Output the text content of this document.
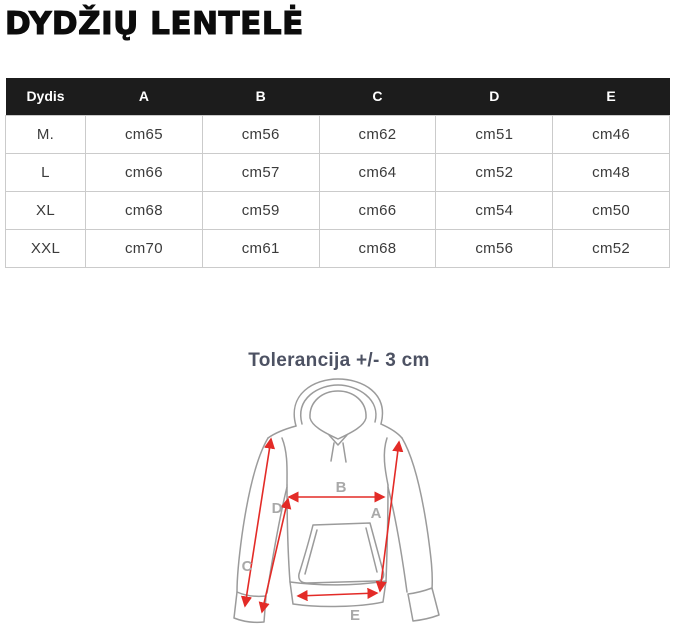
DYDŽIŲ LENTELĖ
Dydis	A	B	C	D	E
M.	cm65	cm56	cm62	cm51	cm46
L	cm66	cm57	cm64	cm52	cm48
XL	cm68	cm59	cm66	cm54	cm50
XXL	cm70	cm61	cm68	cm56	cm52
Tolerancija +/- 3 cm
B
D	A
C
E
